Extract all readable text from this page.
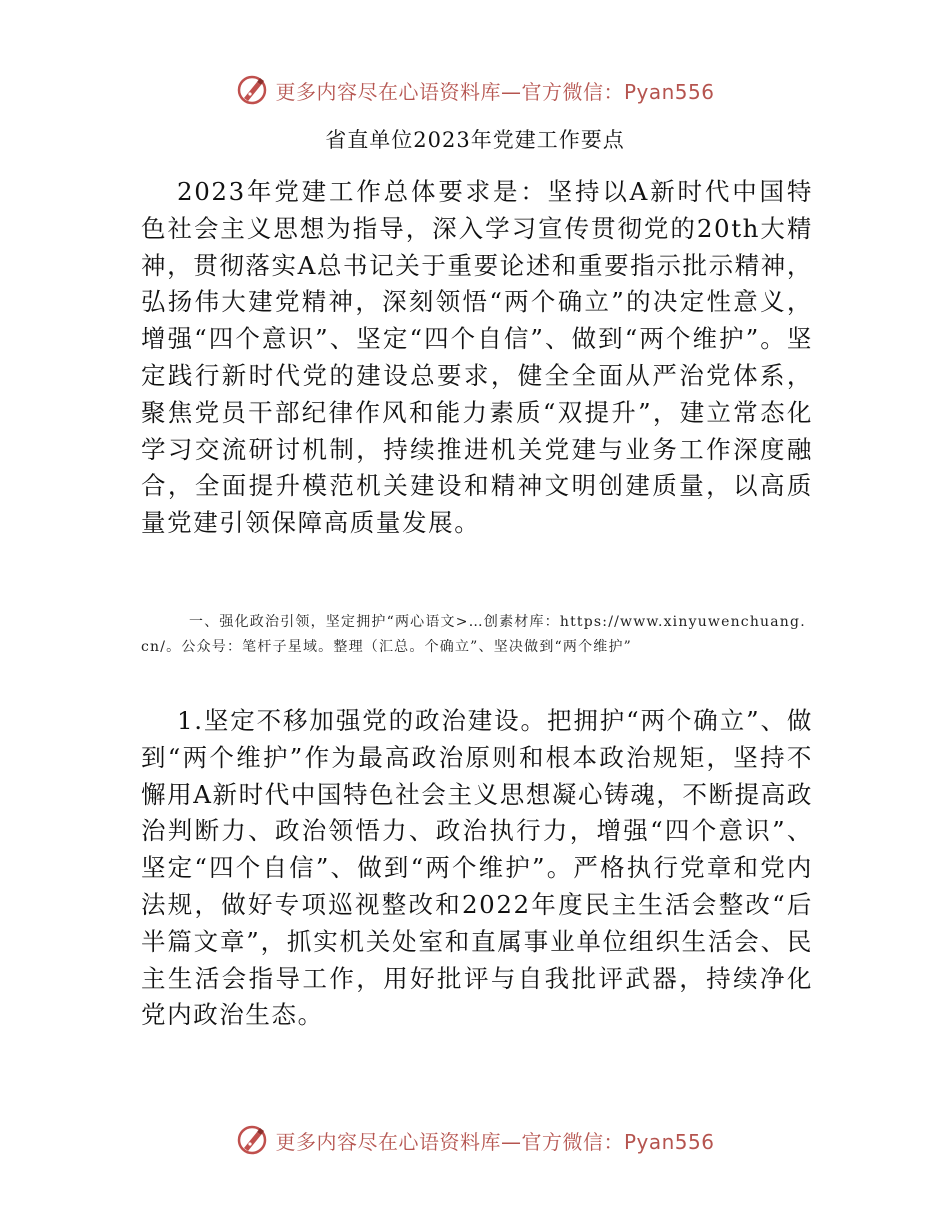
更多内容尽在心语资料库—官方微信：Pyan556
省直单位2023年党建工作要点

2023年党建工作总体要求是：坚持以A新时代中国特色社会主义思想为指导，深入学习宣传贯彻党的20th大精神，贯彻落实A总书记关于重要论述和重要指示批示精神，弘扬伟大建党精神，深刻领悟“两个确立”的决定性意义，增强“四个意识”、坚定“四个自信”、做到“两个维护”。坚定践行新时代党的建设总要求，健全全面从严治党体系，聚焦党员干部纪律作风和能力素质“双提升”，建立常态化学习交流研讨机制，持续推进机关党建与业务工作深度融合，全面提升模范机关建设和精神文明创建质量，以高质量党建引领保障高质量发展。

一、强化政治引领，坚定拥护“两心语文>…创素材库：https://www.xinyuwenchuang.cn/。公众号：笔杆子星域。整理（汇总。个确立”、坚决做到“两个维护”

1.坚定不移加强党的政治建设。把拥护“两个确立”、做到“两个维护”作为最高政治原则和根本政治规矩，坚持不懈用A新时代中国特色社会主义思想凝心铸魂，不断提高政治判断力、政治领悟力、政治执行力，增强“四个意识”、坚定“四个自信”、做到“两个维护”。严格执行党章和党内法规，做好专项巡视整改和2022年度民主生活会整改“后半篇文章”，抓实机关处室和直属事业单位组织生活会、民主生活会指导工作，用好批评与自我批评武器，持续净化党内政治生态。

更多内容尽在心语资料库—官方微信：Pyan556
